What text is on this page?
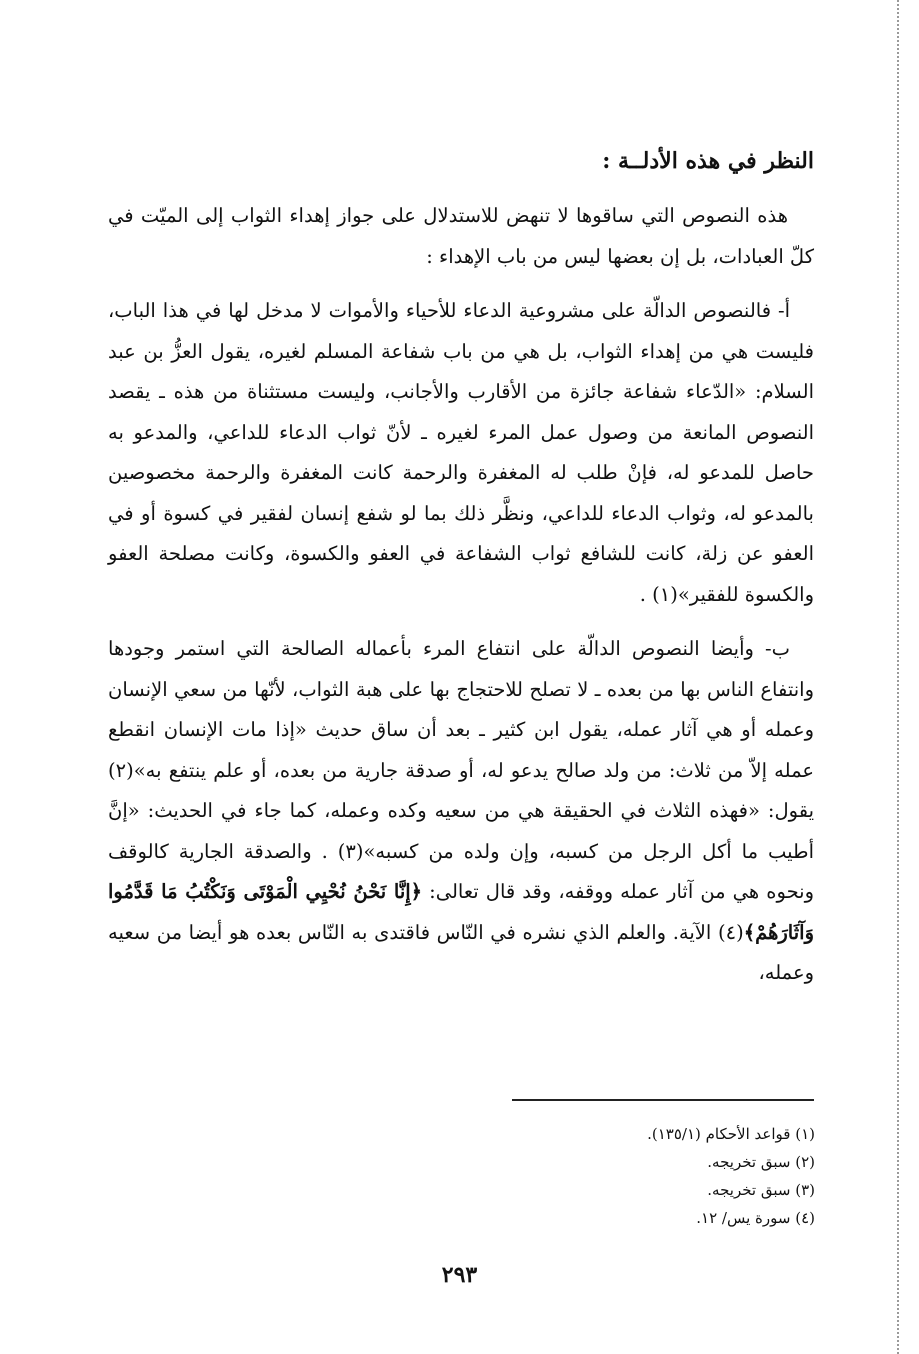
النظر في هذه الأدلــة :

هذه النصوص التي ساقوها لا تنهض للاستدلال على جواز إهداء الثواب إلى الميّت في كلّ العبادات، بل إن بعضها ليس من باب الإهداء :

أ- فالنصوص الدالّة على مشروعية الدعاء للأحياء والأموات لا مدخل لها في هذا الباب، فليست هي من إهداء الثواب، بل هي من باب شفاعة المسلم لغيره، يقول العزُّ بن عبد السلام: «الدّعاء شفاعة جائزة من الأقارب والأجانب، وليست مستثناة من هذه ـ يقصد النصوص المانعة من وصول عمل المرء لغيره ـ لأنّ ثواب الدعاء للداعي، والمدعو به حاصل للمدعو له، فإنْ طلب له المغفرة والرحمة كانت المغفرة والرحمة مخصوصين بالمدعو له، وثواب الدعاء للداعي، ونظَّر ذلك بما لو شفع إنسان لفقير في كسوة أو في العفو عن زلة، كانت للشافع ثواب الشفاعة في العفو والكسوة، وكانت مصلحة العفو والكسوة للفقير»(١) .

ب- وأيضا النصوص الدالّة على انتفاع المرء بأعماله الصالحة التي استمر وجودها وانتفاع الناس بها من بعده ـ لا تصلح للاحتجاج بها على هبة الثواب، لأنّها من سعي الإنسان وعمله أو هي آثار عمله، يقول ابن كثير ـ بعد أن ساق حديث «إذا مات الإنسان انقطع عمله إلاّ من ثلاث: من ولد صالح يدعو له، أو صدقة جارية من بعده، أو علم ينتفع به»(٢) يقول: «فهذه الثلاث في الحقيقة هي من سعيه وكده وعمله، كما جاء في الحديث: «إنَّ أطيب ما أكل الرجل من كسبه، وإن ولده من كسبه»(٣) . والصدقة الجارية كالوقف ونحوه هي من آثار عمله ووقفه، وقد قال تعالى: ﴿إِنَّا نَحْنُ نُحْيِي الْمَوْتَى وَنَكْتُبُ مَا قَدَّمُوا وَآثَارَهُمْ﴾(٤) الآية. والعلم الذي نشره في النّاس فاقتدى به النّاس بعده هو أيضا من سعيه وعمله،

(١) قواعد الأحكام (١٣٥/١).

(٢) سبق تخريجه.

(٣) سبق تخريجه.

(٤) سورة يس/ ١٢.

٢٩٣
